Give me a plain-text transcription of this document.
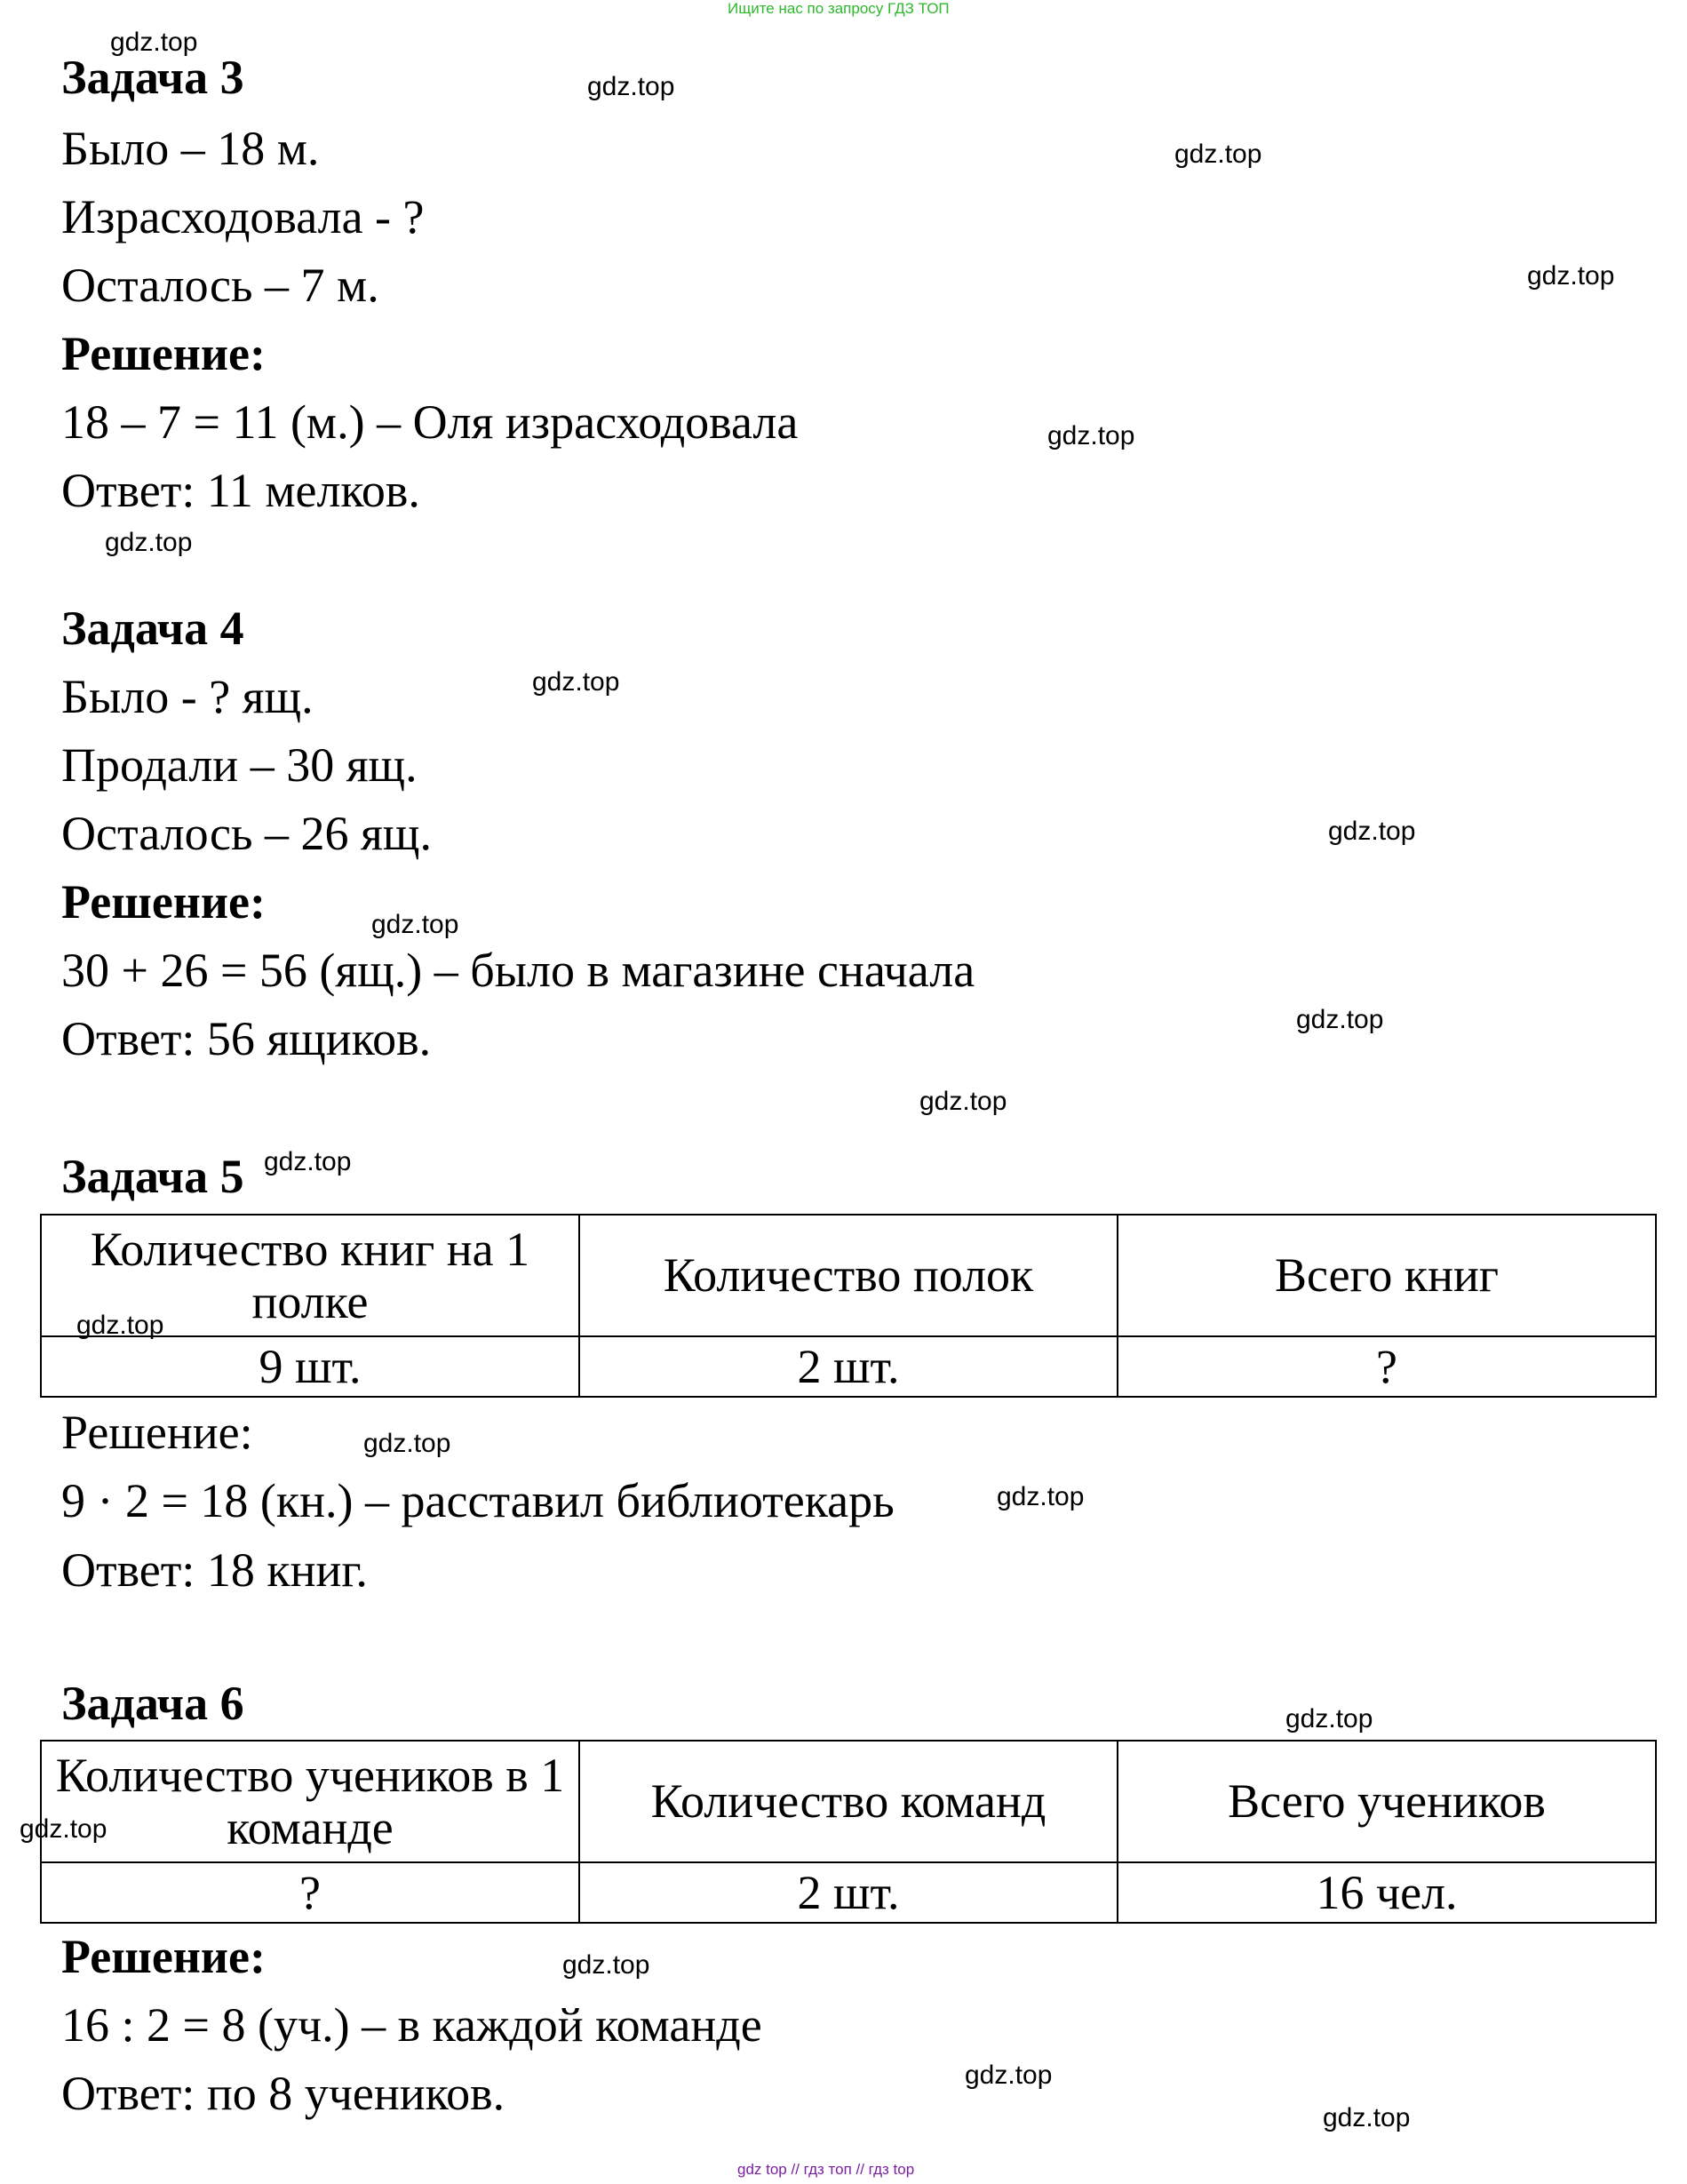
Ищите нас по запросу ГДЗ ТОП
gdz top // гдз топ // гдз top
Задача 3
Было – 18 м.
Израсходовала - ?
Осталось – 7 м.
Решение:
18 – 7 = 11 (м.) – Оля израсходовала
Ответ: 11 мелков.
Задача 4
Было - ? ящ.
Продали – 30 ящ.
Осталось – 26 ящ.
Решение:
30 + 26 = 56 (ящ.) – было в магазине сначала
Ответ: 56 ящиков.
Задача 5
Количество книг на 1 полке	Количество полок	Всего книг
9 шт.	2 шт.	?
Решение:
9 · 2 = 18 (кн.) – расставил библиотекарь
Ответ: 18 книг.
Задача 6
Количество учеников в 1 команде	Количество команд	Всего учеников
?	2 шт.	16 чел.
Решение:
16 : 2 = 8 (уч.) – в каждой команде
Ответ: по 8 учеников.
gdz.top
gdz.top
gdz.top
gdz.top
gdz.top
gdz.top
gdz.top
gdz.top
gdz.top
gdz.top
gdz.top
gdz.top
gdz.top
gdz.top
gdz.top
gdz.top
gdz.top
gdz.top
gdz.top
gdz.top
